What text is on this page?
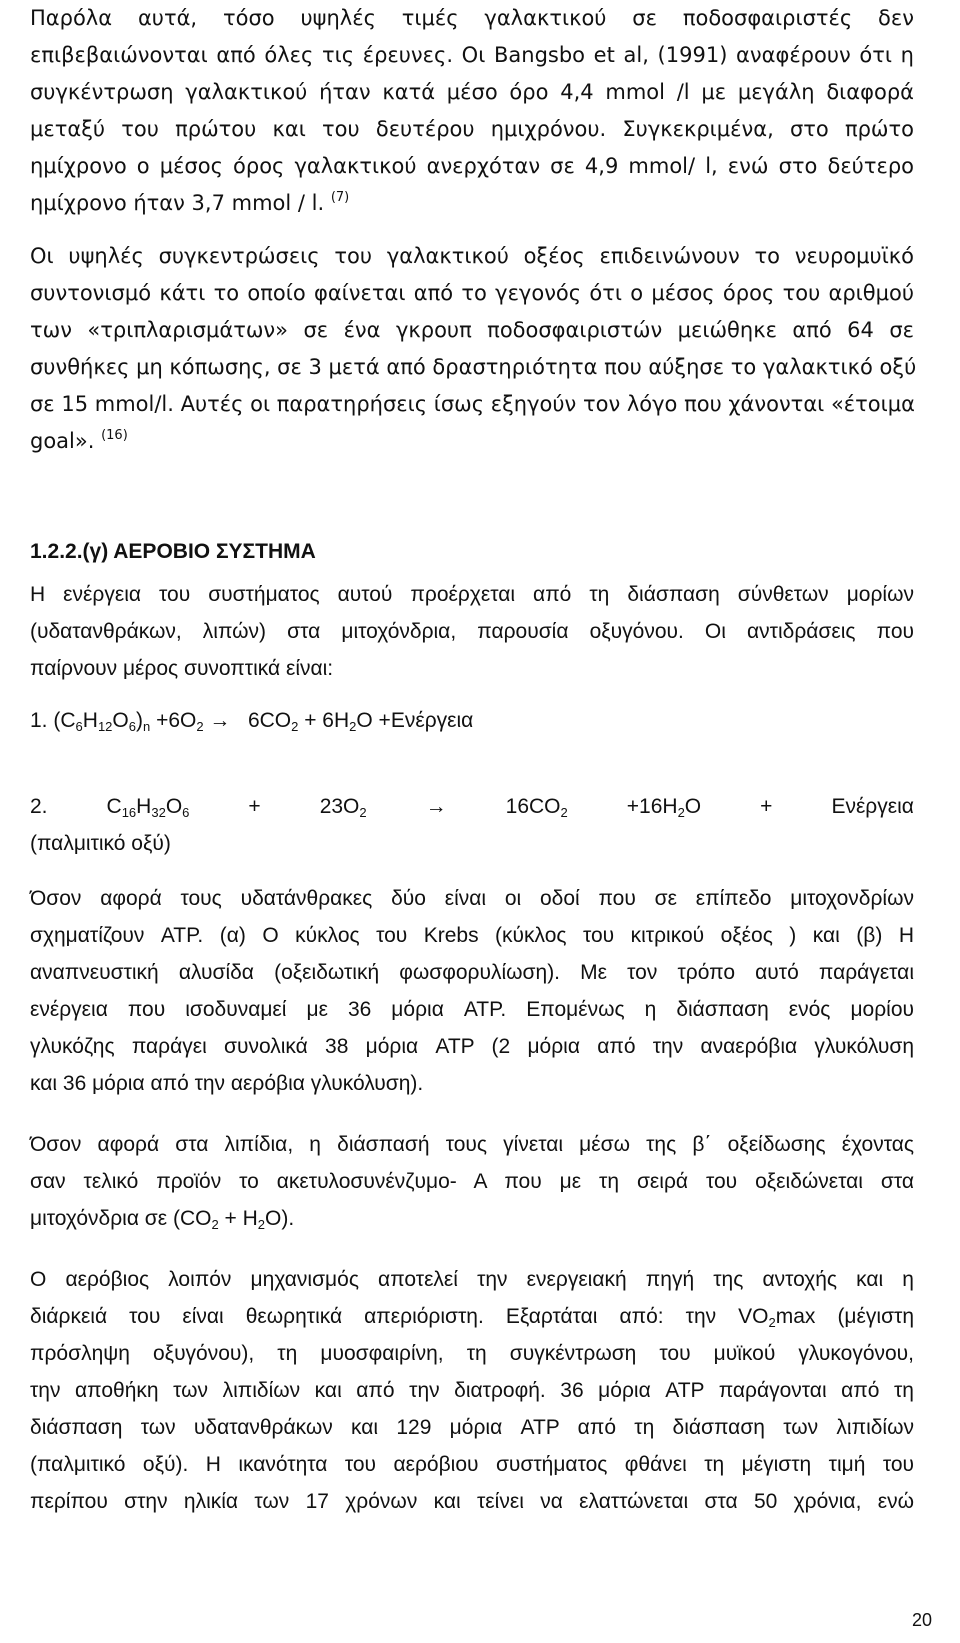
Παρόλα αυτά, τόσο υψηλές τιμές γαλακτικού σε ποδοσφαιριστές δεν
επιβεβαιώνονται από όλες τις έρευνες. Οι Bangsbo et al, (1991) αναφέρουν ότι η
συγκέντρωση γαλακτικού ήταν κατά μέσο όρο 4,4 mmol /l με μεγάλη διαφορά
μεταξύ του πρώτου και του δευτέρου ημιχρόνου. Συγκεκριμένα, στο πρώτο
ημίχρονο ο μέσος όρος γαλακτικού ανερχόταν σε 4,9 mmol/ l, ενώ στο δεύτερο
ημίχρονο ήταν 3,7 mmol / l. $^{(7)}$
Οι υψηλές συγκεντρώσεις του γαλακτικού οξέος επιδεινώνουν το νευρομυϊκό
συντονισμό κάτι το οποίο φαίνεται από το γεγονός ότι ο μέσος όρος του αριθμού
των «τριπλαρισμάτων» σε ένα γκρουπ ποδοσφαιριστών μειώθηκε από 64 σε
συνθήκες μη κόπωσης, σε 3 μετά από δραστηριότητα που αύξησε το γαλακτικό οξύ
σε 15 mmol/l. Αυτές οι παρατηρήσεις ίσως εξηγούν τον λόγο που χάνονται «έτοιμα
goal». $^{(16)}$
1.2.2.(γ) ΑΕΡΟΒΙΟ ΣΥΣΤΗΜΑ
Η ενέργεια του συστήματος αυτού προέρχεται από τη διάσπαση σύνθετων μορίων
(υδατανθράκων, λιπών) στα μιτοχόνδρια, παρουσία οξυγόνου. Οι αντιδράσεις που
παίρνουν μέρος συνοπτικά είναι:
1. $(C_6H_{12}O_6)_n +6O_2 \to 6CO_2 + 6H_2O +E\nu έ\rho\gamma\varepsilon\iota\alpha$
2.	$C_{16}H_{32}O_6$	+	$23O_2$	→	$16CO_2$	$+16H_2O$	+	Ενέργεια
(παλμιτικό οξύ)
Όσον αφορά τους υδατάνθρακες δύο είναι οι οδοί που σε επίπεδο μιτοχονδρίων
σχηματίζουν ATP. (α) Ο κύκλος του Krebs (κύκλος του κιτρικού οξέος ) και (β) Η
αναπνευστική αλυσίδα (οξειδωτική φωσφορυλίωση). Με τον τρόπο αυτό παράγεται
ενέργεια που ισοδυναμεί με 36 μόρια ATP. Επομένως η διάσπαση ενός μορίου
γλυκόζης παράγει συνολικά 38 μόρια ATP (2 μόρια από την αναερόβια γλυκόλυση
και 36 μόρια από την αερόβια γλυκόλυση).
Όσον αφορά στα λιπίδια, η διάσπασή τους γίνεται μέσω της β΄ οξείδωσης έχοντας
σαν τελικό προϊόν το ακετυλοσυνένζυμο- Α που με τη σειρά του οξειδώνεται στα
μιτοχόνδρια σε $(CO_2 + H_2O)$.
Ο αερόβιος λοιπόν μηχανισμός αποτελεί την ενεργειακή πηγή της αντοχής και η
διάρκειά του είναι θεωρητικά απεριόριστη. Εξαρτάται από: την $VO_2\max$ (μέγιστη
πρόσληψη οξυγόνου), τη μυοσφαιρίνη, τη συγκέντρωση του μυϊκού γλυκογόνου,
την αποθήκη των λιπιδίων και από την διατροφή. 36 μόρια ATP παράγονται από τη
διάσπαση των υδατανθράκων και 129 μόρια ATP από τη διάσπαση των λιπιδίων
(παλμιτικό οξύ). Η ικανότητα του αερόβιου συστήματος φθάνει τη μέγιστη τιμή του
περίπου στην ηλικία των 17 χρόνων και τείνει να ελαττώνεται στα 50 χρόνια, ενώ
20
